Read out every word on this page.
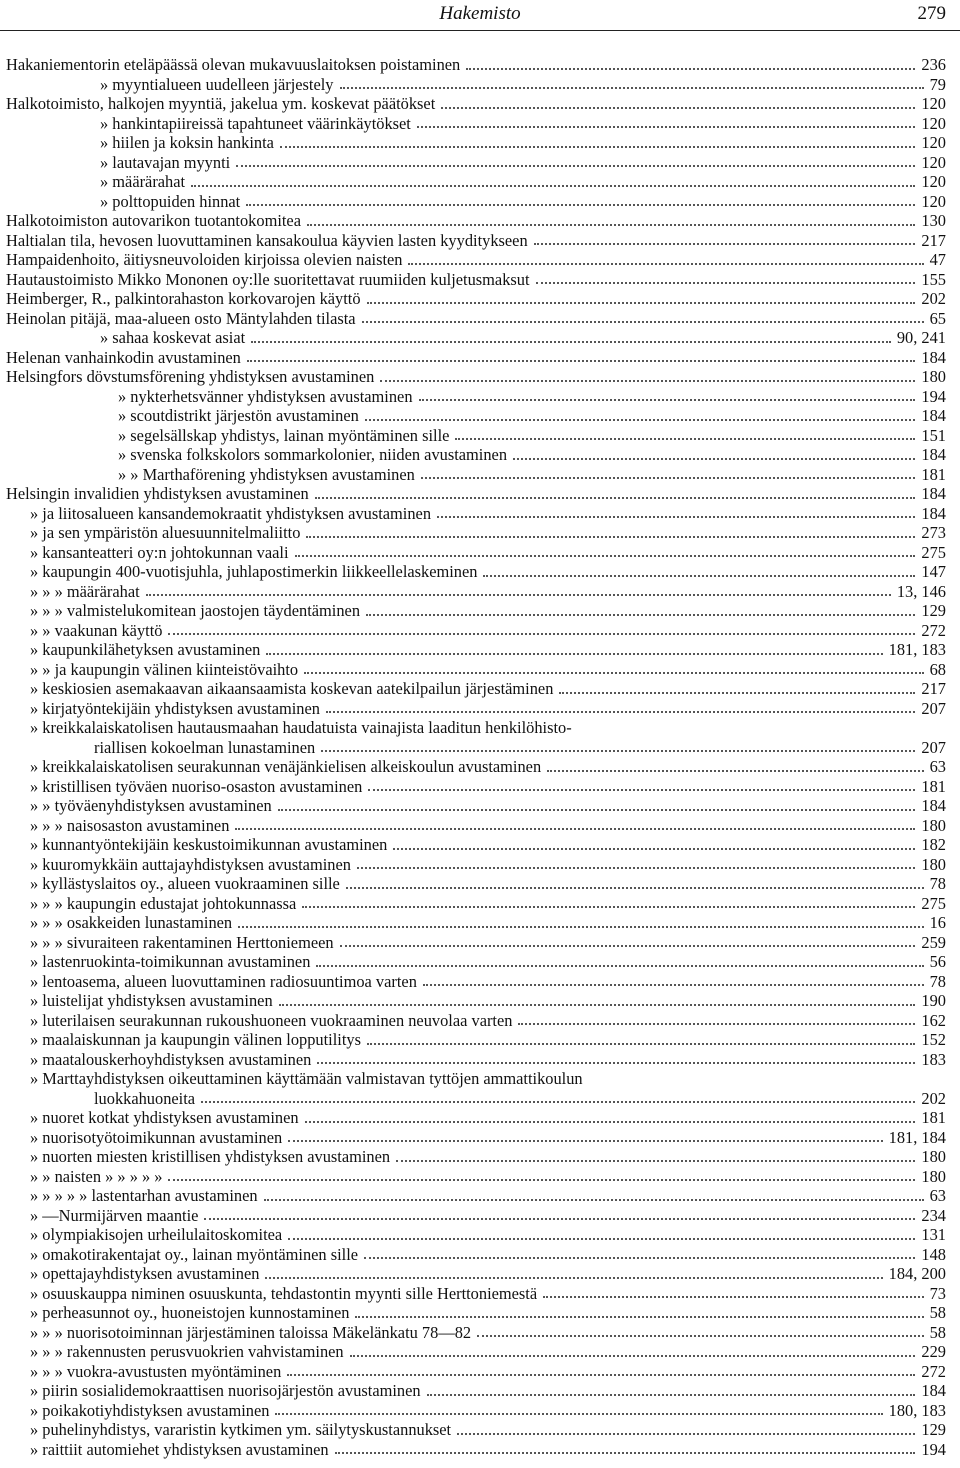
Hakemisto	279
Hakaniementorin eteläpäässä olevan mukavuuslaitoksen poistaminen	236
» myyntialueen uudelleen järjestely	79
Halkotoimisto, halkojen myyntiä, jakelua ym. koskevat päätökset	120
» hankintapiireissä tapahtuneet väärinkäytökset	120
» hiilen ja koksin hankinta	120
» lautavajan myynti	120
» määrärahat	120
» polttopuiden hinnat	120
Halkotoimiston autovarikon tuotantokomitea	130
Haltialan tila, hevosen luovuttaminen kansakoulua käyvien lasten kyydit​ykseen	217
Hampaidenhoito, äitiysneuvoloiden kirjoissa olevien naisten	47
Hautaustoimisto Mikko Mononen oy:lle suoritettavat ruumiiden kuljetusmaksut	155
Heimberger, R., palkintorahaston korkovarojen käyttö	202
Heinolan pitäjä, maa-alueen osto Mäntylahden tilasta	65
» sahaa koskevat asiat	90, 241
Helenan vanhainkodin avustaminen	184
Helsingfors dövstumsförening yhdistyksen avustaminen	180
» nykterhetsvänner yhdistyksen avustaminen	194
» scoutdistrikt järjestön avustaminen	184
» segelsällskap yhdistys, lainan myöntäminen sille	151
» svenska folkskolors sommarkolonier, niiden avustaminen	184
» » Marthaförening yhdistyksen avustaminen	181
Helsingin invalidien yhdistyksen avustaminen	184
» ja liitosalueen kansandemokraatit yhdistyksen avustaminen	184
» ja sen ympäristön aluesuunnitelmaliitto	273
» kansanteatteri oy:n johtokunnan vaali	275
» kaupungin 400-vuotisjuhla, juhlapostimerkin liikkeellelaskeminen	147
» » » määrärahat	13, 146
» » » valmistelukomitean jaostojen täydentäminen	129
» » vaakunan käyttö	272
» kaupunkilähetyksen avustaminen	181, 183
» » ja kaupungin välinen kiinteistövaihto	68
» keskiosien asemakaavan aikaansaamista koskevan aatekilpailun järjestäminen	217
» kirjatyöntekijäin yhdistyksen avustaminen	207
» kreikkalaiskatolisen hautausmaahan haudatuista vainajista laaditun henkilöhisto-
riallisen kokoelman lunastaminen	207
» kreikkalaiskatolisen seurakunnan venäjänkielisen alkeiskoulun avustaminen	63
» kristillisen työväen nuoriso-osaston avustaminen	181
» » työväenyhdistyksen avustaminen	184
» » » naisosaston avustaminen	180
» kunnantyöntekijäin keskustoimikunnan avustaminen	182
» kuuromykkäin auttajayhdistyksen avustaminen	180
» kyllästyslaitos oy., alueen vuokraaminen sille	78
» » » kaupungin edustajat johtokunnassa	275
» » » osakkeiden lunastaminen	16
» » » sivuraiteen rakentaminen Herttoniemeen	259
» lastenruokinta-toimikunnan avustaminen	56
» lentoasema, alueen luovuttaminen radiosuuntimoa varten	78
» luistelijat yhdistyksen avustaminen	190
» luterilaisen seurakunnan rukoushuoneen vuokraaminen neuvolaa varten	162
» maalaiskunnan ja kaupungin välinen lopputilitys	152
» maatalouskerhoyhdistyksen avustaminen	183
» Marttayhdistyksen oikeuttaminen käyttämään valmistavan tyttöjen ammattikoulun
luokkahuoneita	202
» nuoret kotkat yhdistyksen avustaminen	181
» nuorisotyötoimikunnan avustaminen	181, 184
» nuorten miesten kristillisen yhdistyksen avustaminen	180
» » naisten » » » » »	180
» » » » » lastentarhan avustaminen	63
» —Nurmijärven maantie	234
» olympiakisojen urheilulaitoskomitea	131
» omakotirakentajat oy., lainan myöntäminen sille	148
» opettajayhdistyksen avustaminen	184, 200
» osuuskauppa niminen osuuskunta, tehdastontin myynti sille Herttoniemestä	73
» perheasunnot oy., huoneistojen kunnostaminen	58
» » » nuorisotoiminnan järjestäminen taloissa Mäkelänkatu 78—82	58
» » » rakennusten perusvuokrien vahvistaminen	229
» » » vuokra-avustusten myöntäminen	272
» piirin sosialidemokraattisen nuorisojärjestön avustaminen	184
» poikakotiyhdistyksen avustaminen	180, 183
» puhelinyhdistys, vararistin kytkimen ym. säilytyskustannukset	129
» raittiit automiehet yhdistyksen avustaminen	194
